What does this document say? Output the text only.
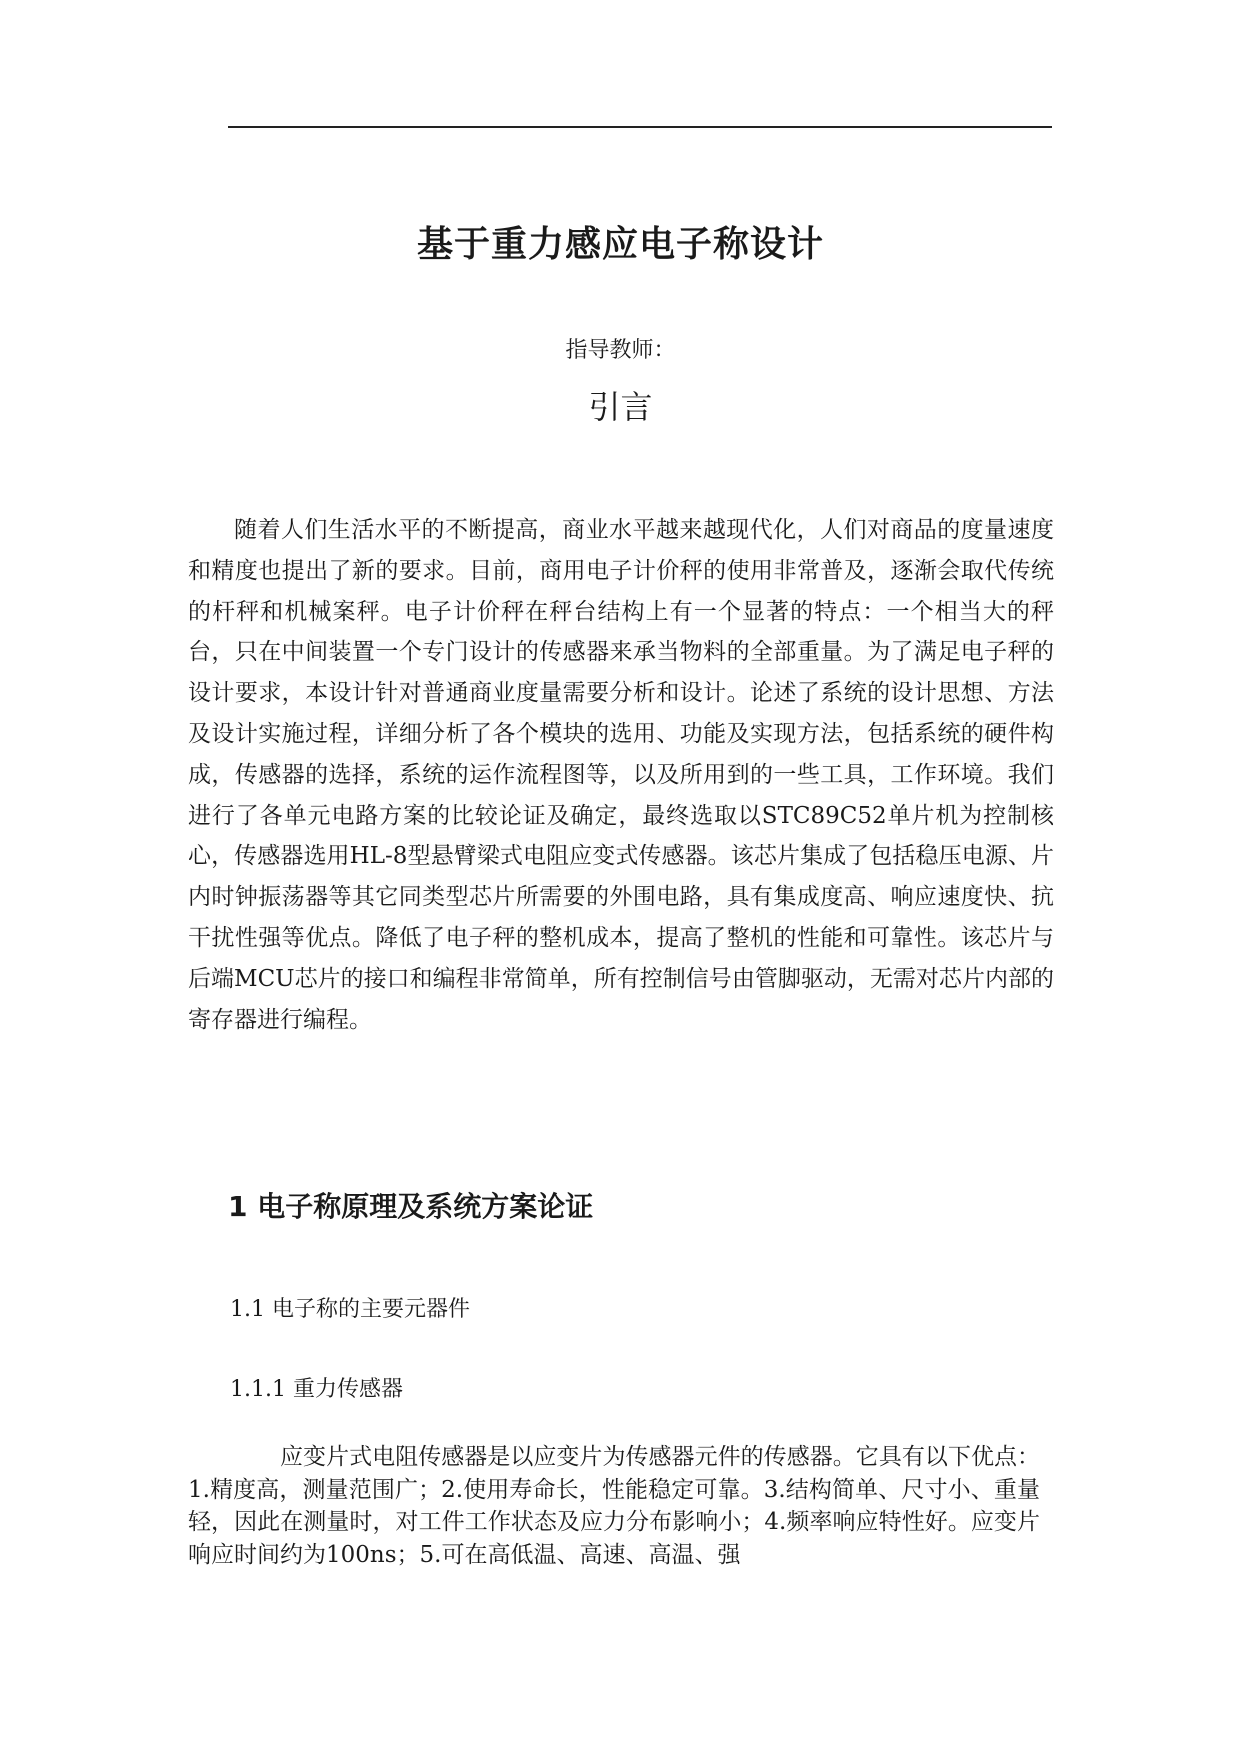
基于重力感应电子称设计
指导教师：
引言

随着人们生活水平的不断提高，商业水平越来越现代化，人们对商品的度量速度和精度也提出了新的要求。目前，商用电子计价秤的使用非常普及，逐渐会取代传统的杆秤和机械案秤。电子计价秤在秤台结构上有一个显著的特点：一个相当大的秤台，只在中间装置一个专门设计的传感器来承当物料的全部重量。为了满足电子秤的设计要求，本设计针对普通商业度量需要分析和设计。论述了系统的设计思想、方法及设计实施过程，详细分析了各个模块的选用、功能及实现方法，包括系统的硬件构成，传感器的选择，系统的运作流程图等，以及所用到的一些工具，工作环境。我们进行了各单元电路方案的比较论证及确定，最终选取以STC89C52单片机为控制核心，传感器选用HL-8型悬臂梁式电阻应变式传感器。该芯片集成了包括稳压电源、片内时钟振荡器等其它同类型芯片所需要的外围电路，具有集成度高、响应速度快、抗干扰性强等优点。降低了电子秤的整机成本，提高了整机的性能和可靠性。该芯片与后端MCU芯片的接口和编程非常简单，所有控制信号由管脚驱动，无需对芯片内部的寄存器进行编程。

1 电子称原理及系统方案论证
1.1 电子称的主要元器件
1.1.1 重力传感器

应变片式电阻传感器是以应变片为传感器元件的传感器。它具有以下优点：1.精度高，测量范围广；2.使用寿命长，性能稳定可靠。3.结构简单、尺寸小、重量轻，因此在测量时，对工件工作状态及应力分布影响小；4.频率响应特性好。应变片响应时间约为100ns；5.可在高低温、高速、高温、强
